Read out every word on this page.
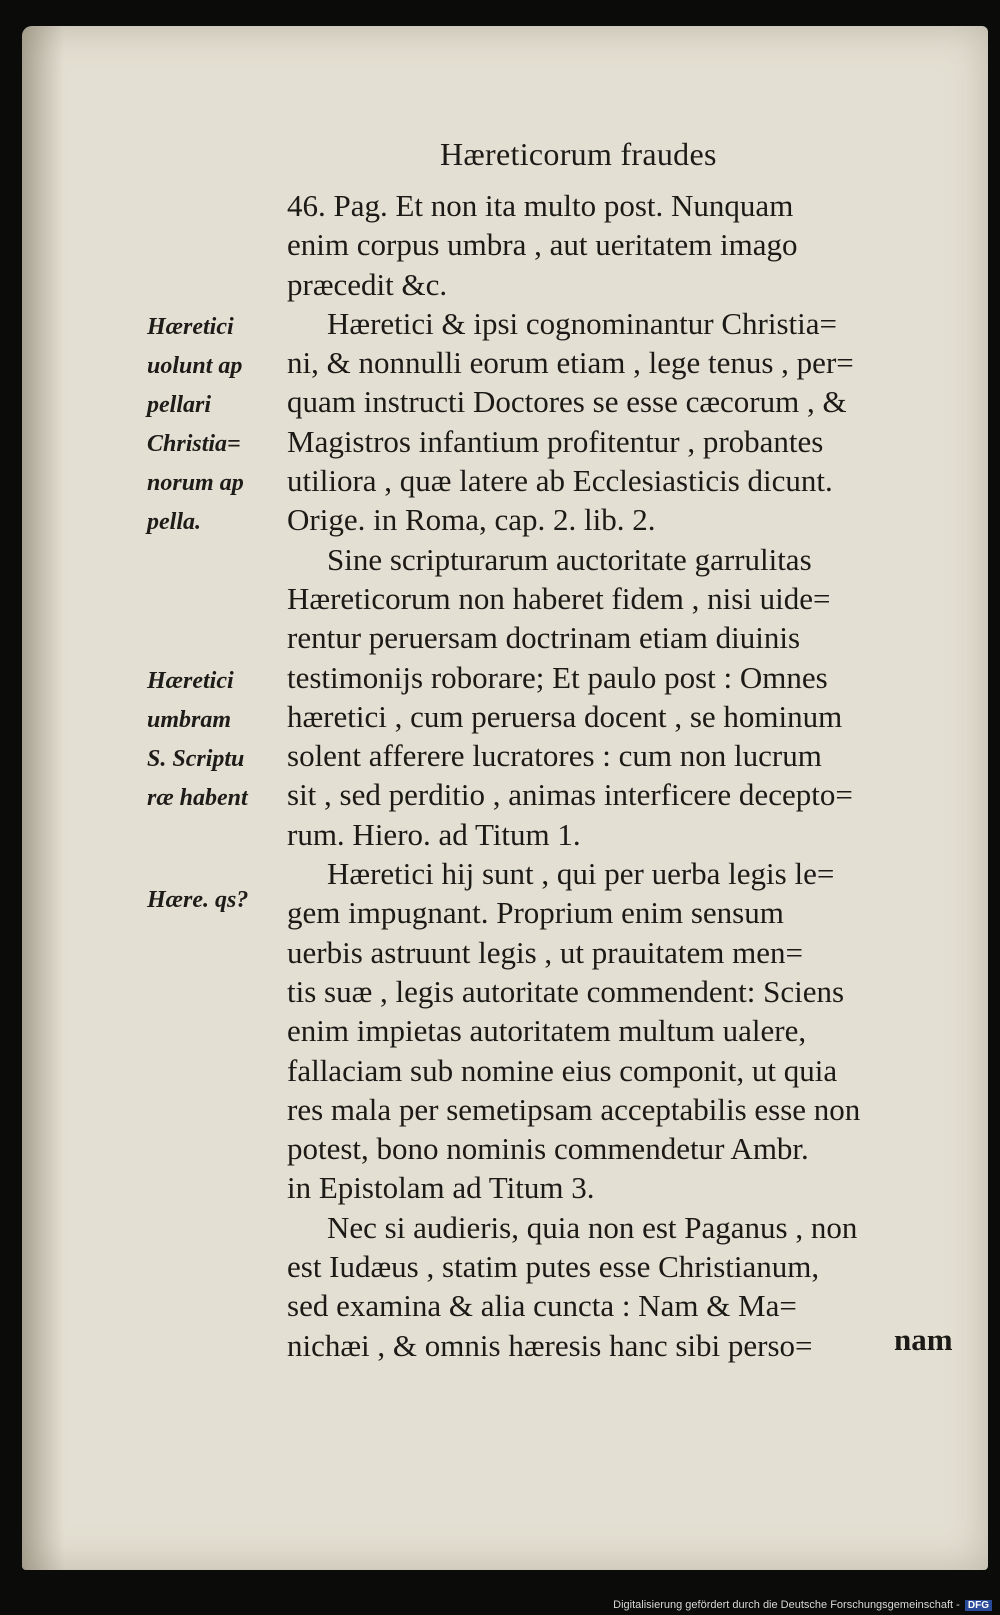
Hæreticorum fraudes
46. Pag. Et non ita multo post. Nunquam
enim corpus umbra , aut ueritatem imago
præcedit &c.
Hæretici & ipsi cognominantur Christia=
ni, & nonnulli eorum etiam , lege tenus , per=
quam instructi Doctores se esse cæcorum , &
Magistros infantium profitentur , probantes
utiliora , quæ latere ab Ecclesiasticis dicunt.
Orige. in Roma, cap. 2. lib. 2.
Sine scripturarum auctoritate garrulitas
Hæreticorum non haberet fidem , nisi uide=
rentur peruersam doctrinam etiam diuinis
testimonijs roborare; Et paulo post : Omnes
hæretici , cum peruersa docent , se hominum
solent afferere lucratores : cum non lucrum
sit , sed perditio , animas interficere decepto=
rum. Hiero. ad Titum 1.
Hæretici hij sunt , qui per uerba legis le=
gem impugnant. Proprium enim sensum
uerbis astruunt legis , ut prauitatem men=
tis suæ , legis autoritate commendent: Sciens
enim impietas autoritatem multum ualere,
fallaciam sub nomine eius componit, ut quia
res mala per semetipsam acceptabilis esse non
potest, bono nominis commendetur Ambr.
in Epistolam ad Titum 3.
Nec si audieris, quia non est Paganus , non
est Iudæus , statim putes esse Christianum,
sed examina & alia cuncta : Nam & Ma=
nichæi , & omnis hæresis hanc sibi perso=	nam
Hæretici
uolunt ap
pellari
Christia=
norum ap
pella.
Hæretici
umbram
S. Scriptu
ræ habent
Hære. qs?
Digitalisierung gefördert durch die Deutsche Forschungsgemeinschaft - DFG
